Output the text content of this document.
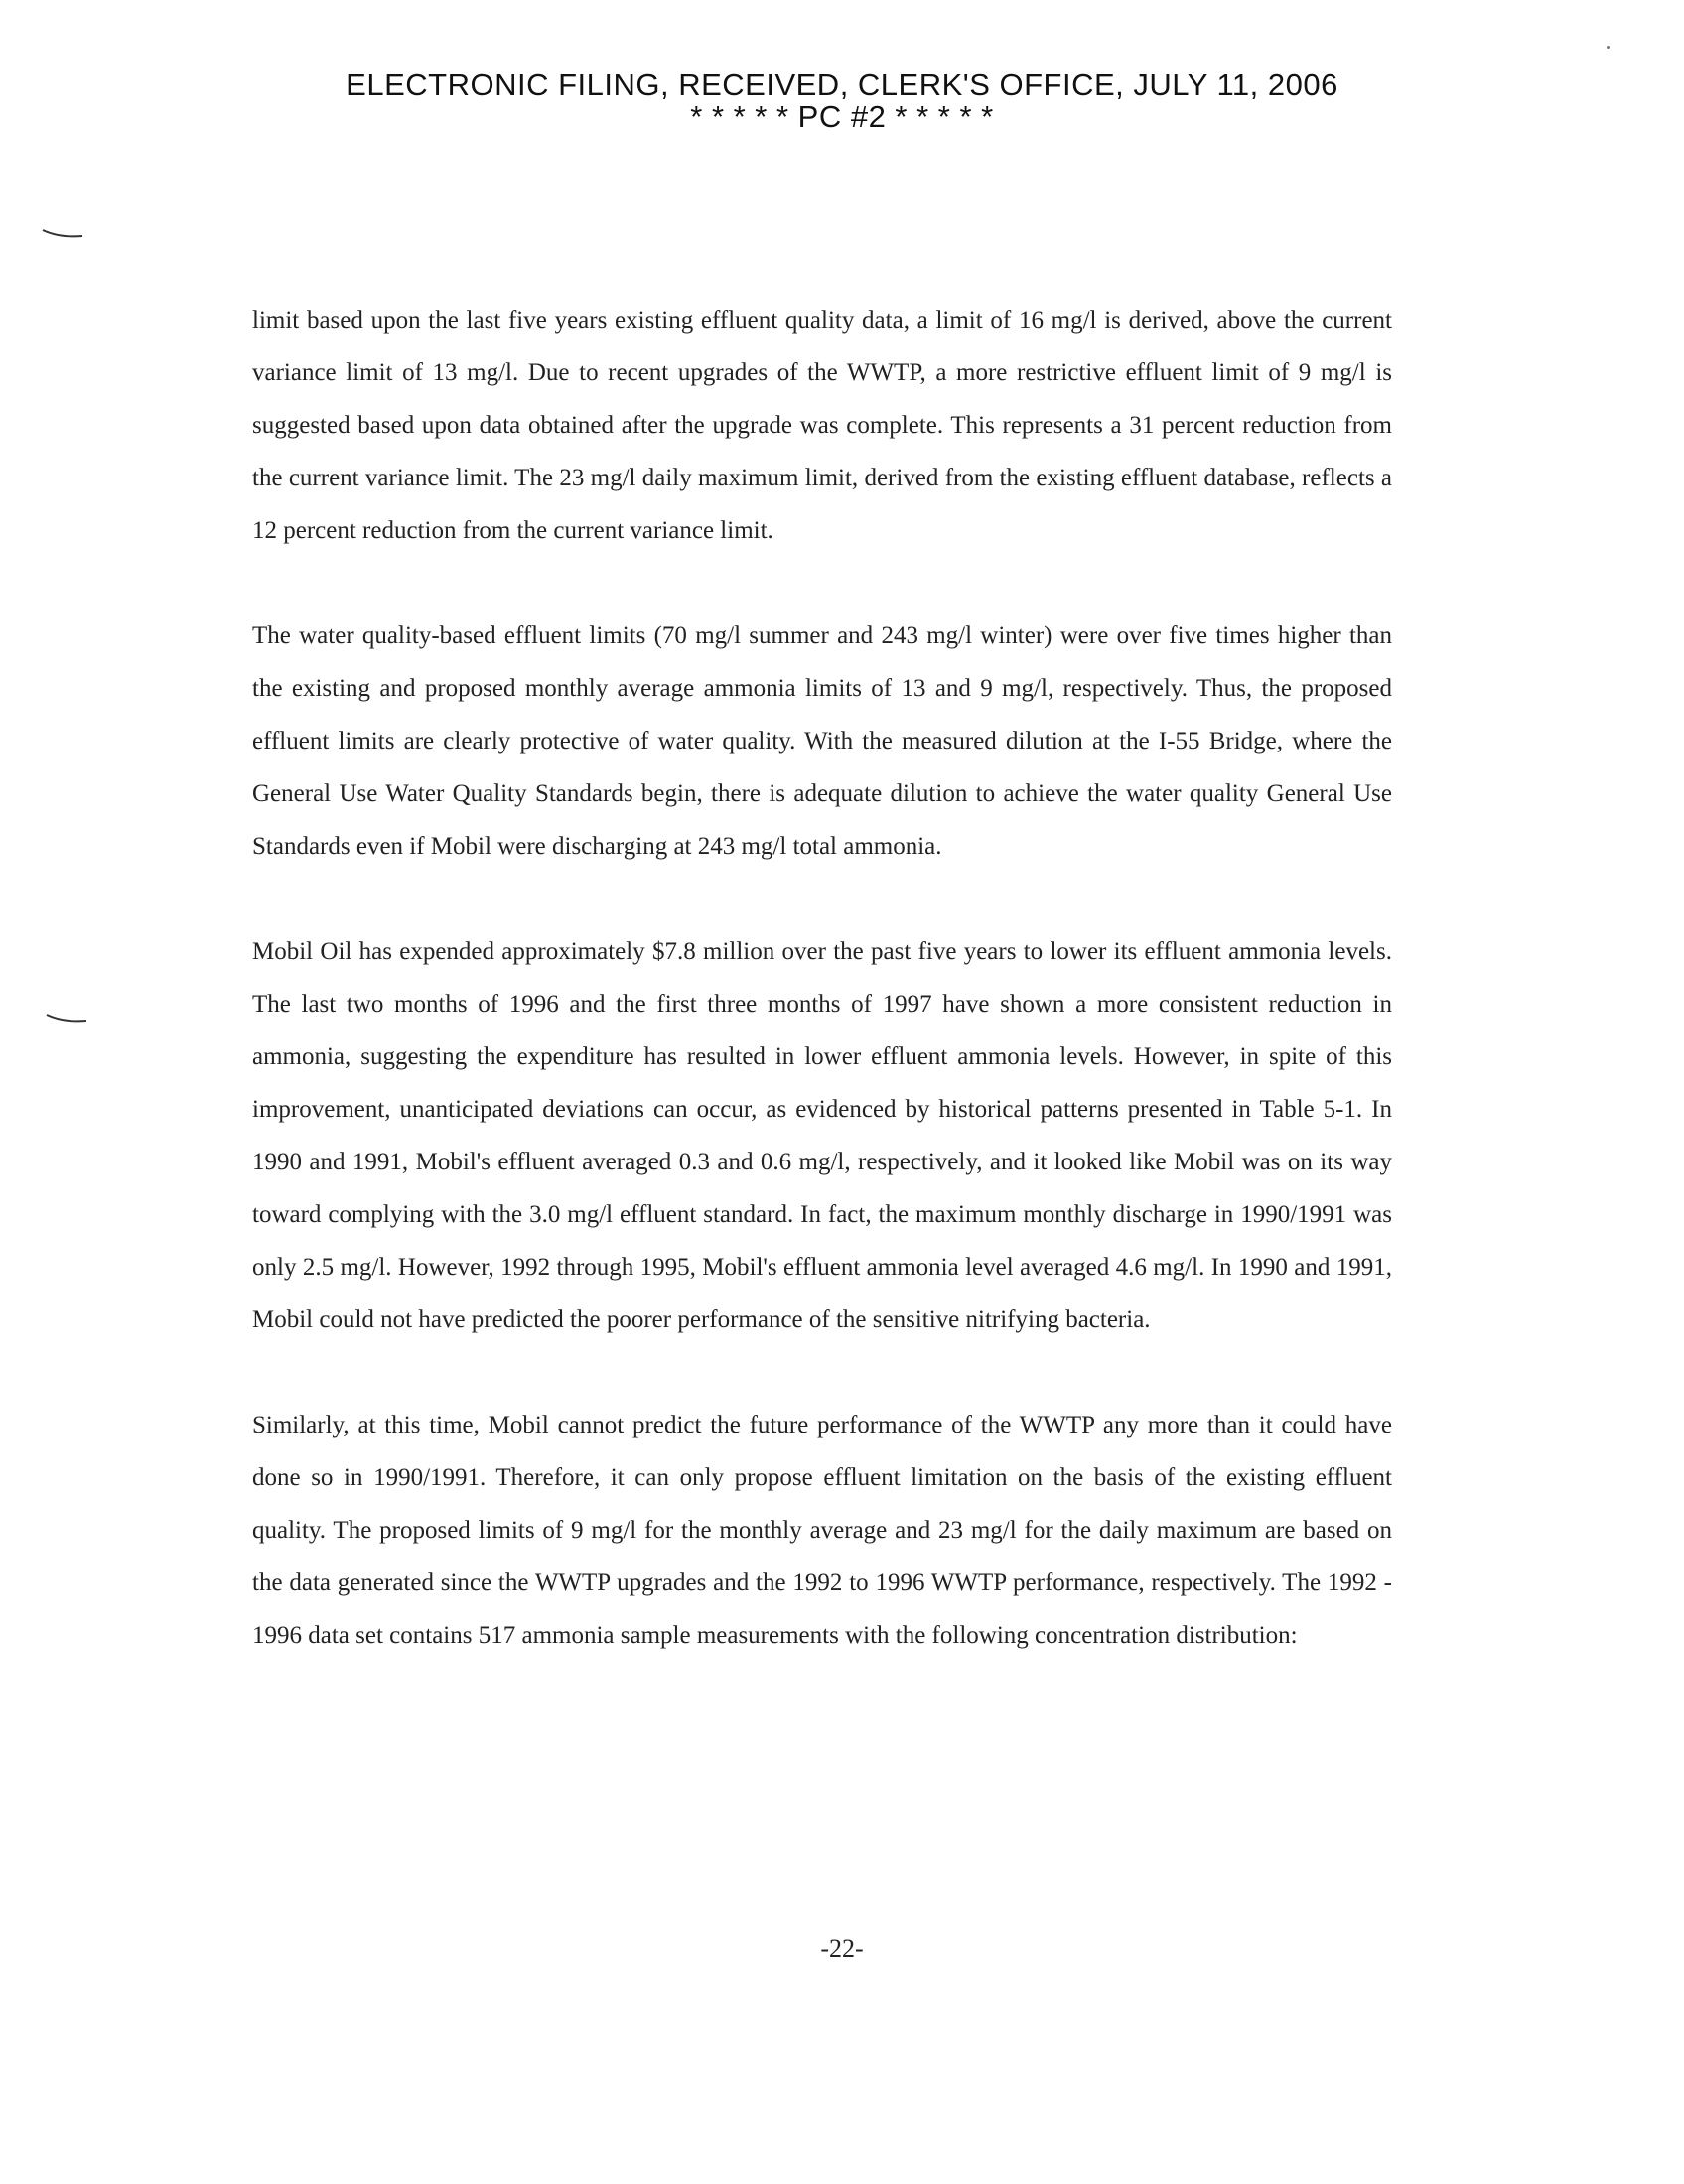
ELECTRONIC FILING, RECEIVED, CLERK'S OFFICE, JULY 11, 2006
* * * * * PC #2 * * * * *

limit based upon the last five years existing effluent quality data, a limit of 16 mg/l is derived, above the current variance limit of 13 mg/l. Due to recent upgrades of the WWTP, a more restrictive effluent limit of 9 mg/l is suggested based upon data obtained after the upgrade was complete. This represents a 31 percent reduction from the current variance limit. The 23 mg/l daily maximum limit, derived from the existing effluent database, reflects a 12 percent reduction from the current variance limit.

The water quality-based effluent limits (70 mg/l summer and 243 mg/l winter) were over five times higher than the existing and proposed monthly average ammonia limits of 13 and 9 mg/l, respectively. Thus, the proposed effluent limits are clearly protective of water quality. With the measured dilution at the I-55 Bridge, where the General Use Water Quality Standards begin, there is adequate dilution to achieve the water quality General Use Standards even if Mobil were discharging at 243 mg/l total ammonia.

Mobil Oil has expended approximately $7.8 million over the past five years to lower its effluent ammonia levels. The last two months of 1996 and the first three months of 1997 have shown a more consistent reduction in ammonia, suggesting the expenditure has resulted in lower effluent ammonia levels. However, in spite of this improvement, unanticipated deviations can occur, as evidenced by historical patterns presented in Table 5-1. In 1990 and 1991, Mobil's effluent averaged 0.3 and 0.6 mg/l, respectively, and it looked like Mobil was on its way toward complying with the 3.0 mg/l effluent standard. In fact, the maximum monthly discharge in 1990/1991 was only 2.5 mg/l. However, 1992 through 1995, Mobil's effluent ammonia level averaged 4.6 mg/l. In 1990 and 1991, Mobil could not have predicted the poorer performance of the sensitive nitrifying bacteria.

Similarly, at this time, Mobil cannot predict the future performance of the WWTP any more than it could have done so in 1990/1991. Therefore, it can only propose effluent limitation on the basis of the existing effluent quality. The proposed limits of 9 mg/l for the monthly average and 23 mg/l for the daily maximum are based on the data generated since the WWTP upgrades and the 1992 to 1996 WWTP performance, respectively. The 1992 - 1996 data set contains 517 ammonia sample measurements with the following concentration distribution:

-22-
